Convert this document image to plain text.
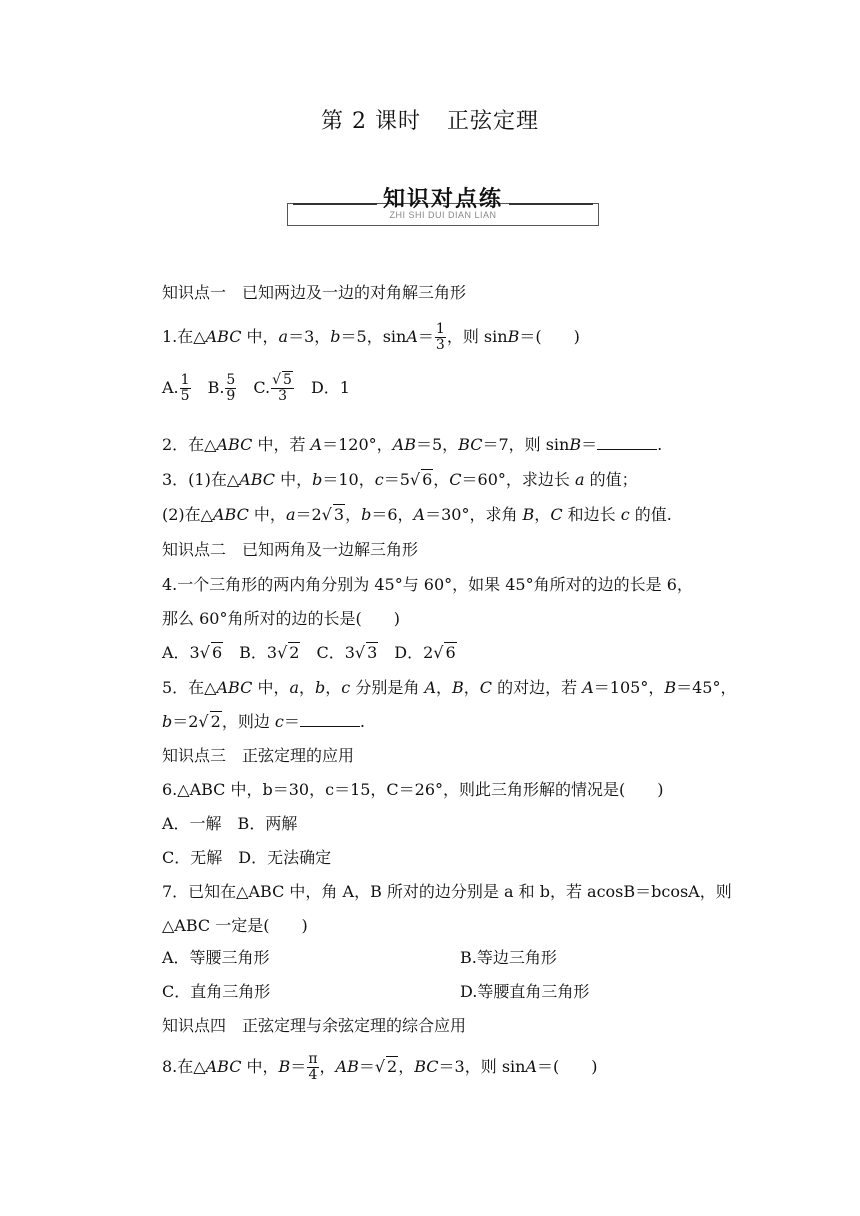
第 2 课时 正弦定理
知识对点练
ZHI SHI DUI DIAN LIAN
知识点一　已知两边及一边的对角解三角形
1.在△ABC 中，a＝3，b＝5，$\sin A= \frac{1}{3}$ ，则 sinB＝(　　)
A. $\frac{1}{5}$ 　B. $\frac{5}{9}$ 　C. $\frac{√ 5}{3}$ 　D．1
2．在△ABC 中，若 A＝120°，AB＝5，BC＝7，则 sinB＝	.
3．(1)在△ABC 中，b＝10，c＝5√ 6，C＝60°，求边长 a 的值；
(2)在△ABC 中，a＝2√ 3，b＝6，A＝30°，求角 B，C 和边长 c 的值.
知识点二　已知两角及一边解三角形
4.一个三角形的两内角分别为 45°与 60°，如果 45°角所对的边的长是 6，
那么 60°角所对的边的长是(　　)
A．3√ 6　B．3√ 2　C．3√ 3　D．2√ 6
5．在△ABC 中，a，b，c 分别是角 A，B，C 的对边，若 A＝105°，B＝45°，
b＝2√ 2，则边 c＝	.
知识点三　正弦定理的应用
6.△ABC 中，b＝30，c＝15，C＝26°，则此三角形解的情况是(　　)
A．一解　B．两解
C．无解　D．无法确定
7．已知在△ABC 中，角 A，B 所对的边分别是 a 和 b，若 acosB＝bcosA，则
△ABC 一定是(　　)
A．等腰三角形	B.等边三角形
C．直角三角形	D.等腰直角三角形
知识点四　正弦定理与余弦定理的综合应用
8.在△ABC 中，$B= \frac{\pi}{4}$ ，AB＝√ 2，BC＝3，则 sinA＝(　　)
